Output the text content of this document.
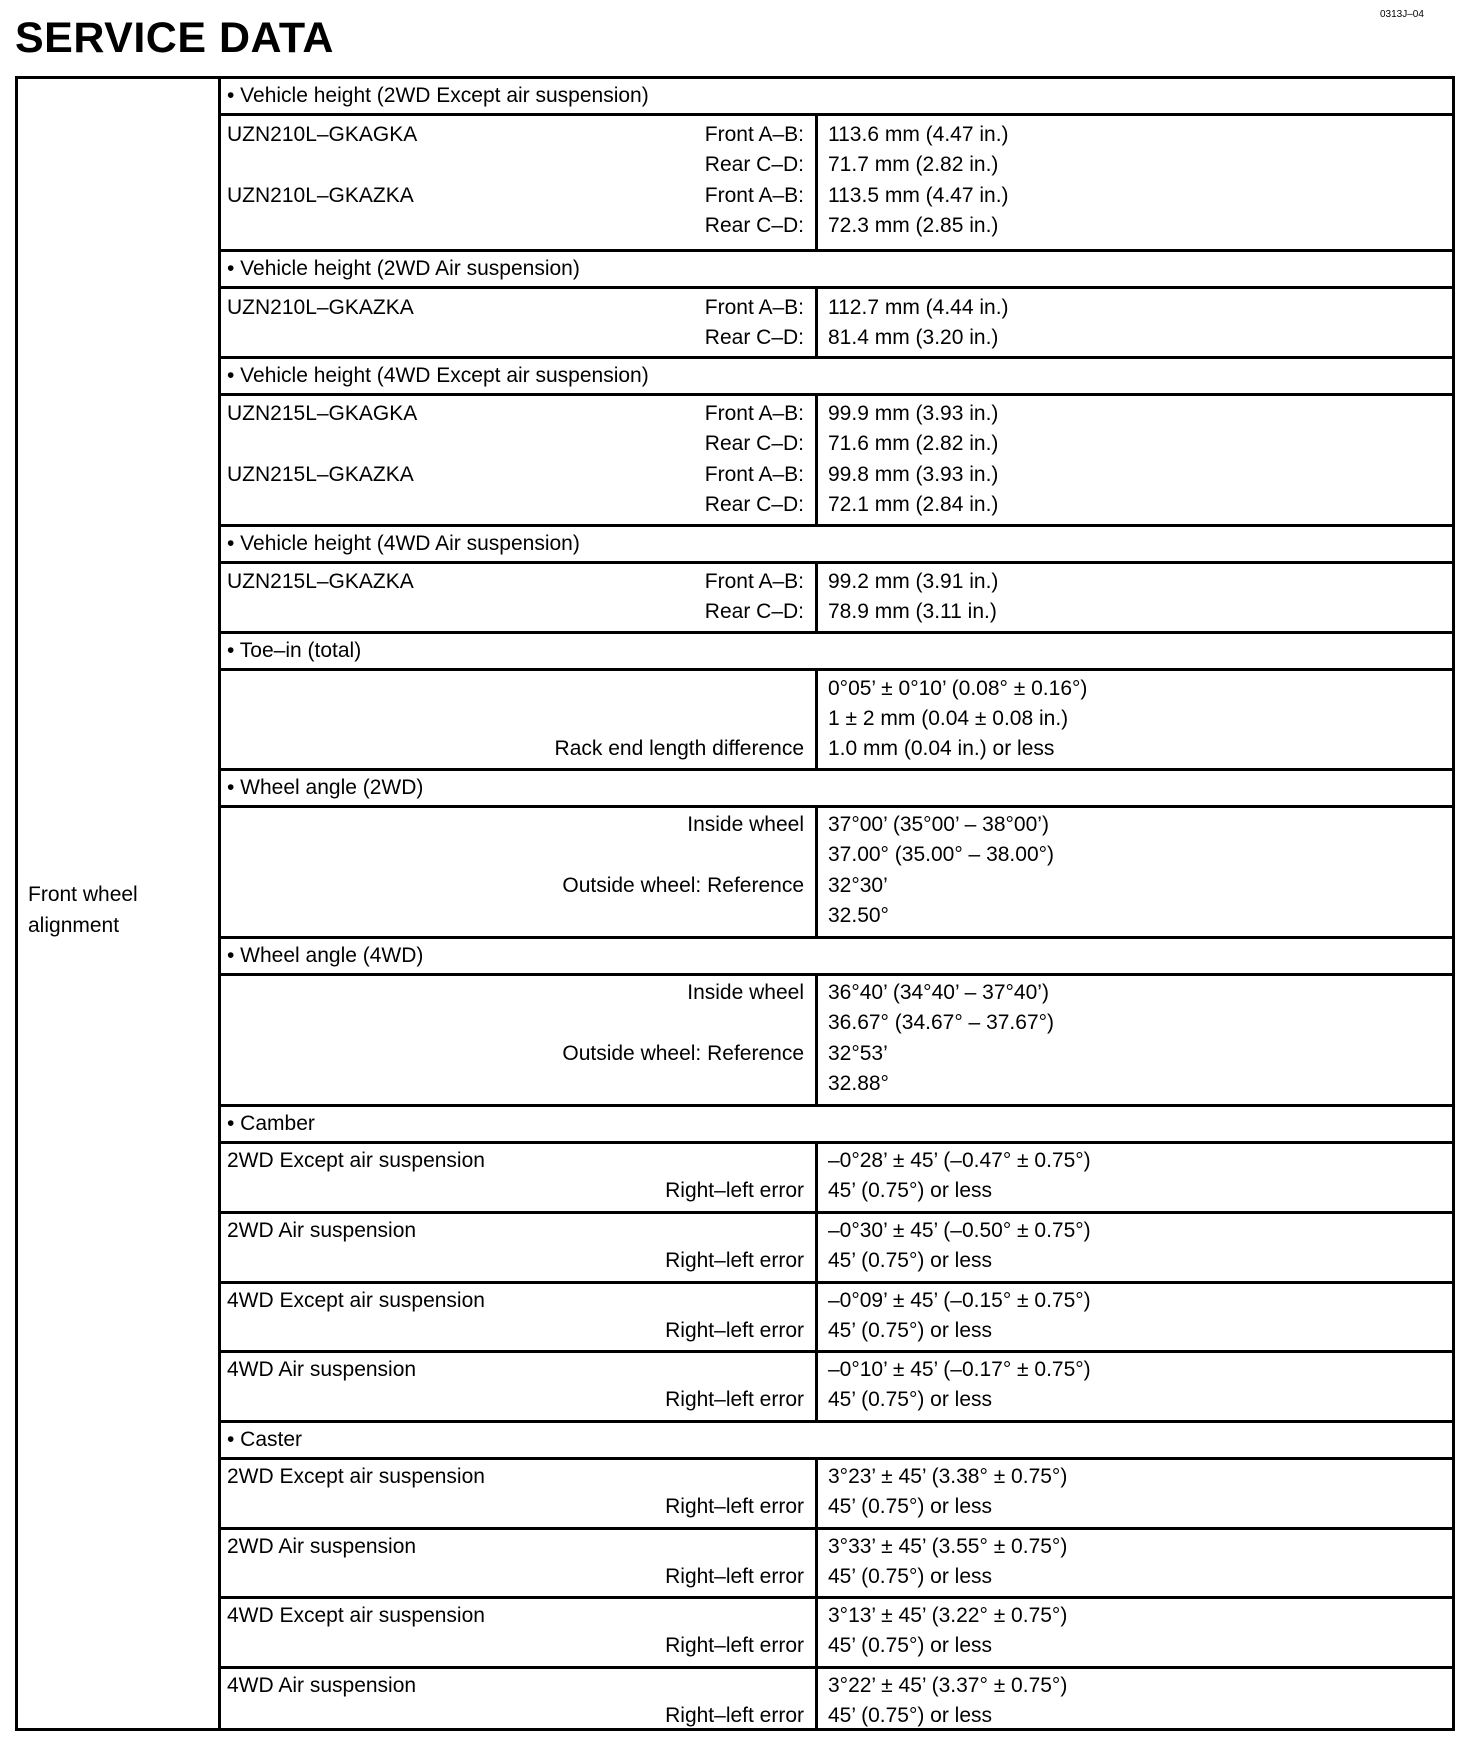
0313J–04
SERVICE DATA
Front wheel
alignment
• Vehicle height (2WD Except air suspension)
UZN210L–GKAGKA
UZN210L–GKAZKA
Front A–B:
Rear C–D:
Front A–B:
Rear C–D:
113.6 mm (4.47 in.)
71.7 mm (2.82 in.)
113.5 mm (4.47 in.)
72.3 mm (2.85 in.)
• Vehicle height (2WD Air suspension)
UZN210L–GKAZKA	Front A–B:
Rear C–D:
112.7 mm (4.44 in.)
81.4 mm (3.20 in.)
• Vehicle height (4WD Except air suspension)
UZN215L–GKAGKA
UZN215L–GKAZKA
Front A–B:
Rear C–D:
Front A–B:
Rear C–D:
99.9 mm (3.93 in.)
71.6 mm (2.82 in.)
99.8 mm (3.93 in.)
72.1 mm (2.84 in.)
• Vehicle height (4WD Air suspension)
UZN215L–GKAZKA	Front A–B:
Rear C–D:
99.2 mm (3.91 in.)
78.9 mm (3.11 in.)
• Toe–in (total)
Rack end length difference
0°05’ ± 0°10’ (0.08° ± 0.16°)
1 ± 2 mm (0.04 ± 0.08 in.)
1.0 mm (0.04 in.) or less
• Wheel angle (2WD)
Inside wheel
Outside wheel: Reference
37°00’ (35°00’ – 38°00’)
37.00° (35.00° – 38.00°)
32°30’
32.50°
• Wheel angle (4WD)
Inside wheel
Outside wheel: Reference
36°40’ (34°40’ – 37°40’)
36.67° (34.67° – 37.67°)
32°53’
32.88°
• Camber
2WD Except air suspension
Right–left error
–0°28’ ± 45’ (–0.47° ± 0.75°)
45’ (0.75°) or less
2WD Air suspension
Right–left error
–0°30’ ± 45’ (–0.50° ± 0.75°)
45’ (0.75°) or less
4WD Except air suspension
Right–left error
–0°09’ ± 45’ (–0.15° ± 0.75°)
45’ (0.75°) or less
4WD Air suspension
Right–left error
–0°10’ ± 45’ (–0.17° ± 0.75°)
45’ (0.75°) or less
• Caster
2WD Except air suspension
Right–left error
3°23’ ± 45’ (3.38° ± 0.75°)
45’ (0.75°) or less
2WD Air suspension
Right–left error
3°33’ ± 45’ (3.55° ± 0.75°)
45’ (0.75°) or less
4WD Except air suspension
Right–left error
3°13’ ± 45’ (3.22° ± 0.75°)
45’ (0.75°) or less
4WD Air suspension
Right–left error
3°22’ ± 45’ (3.37° ± 0.75°)
45’ (0.75°) or less
